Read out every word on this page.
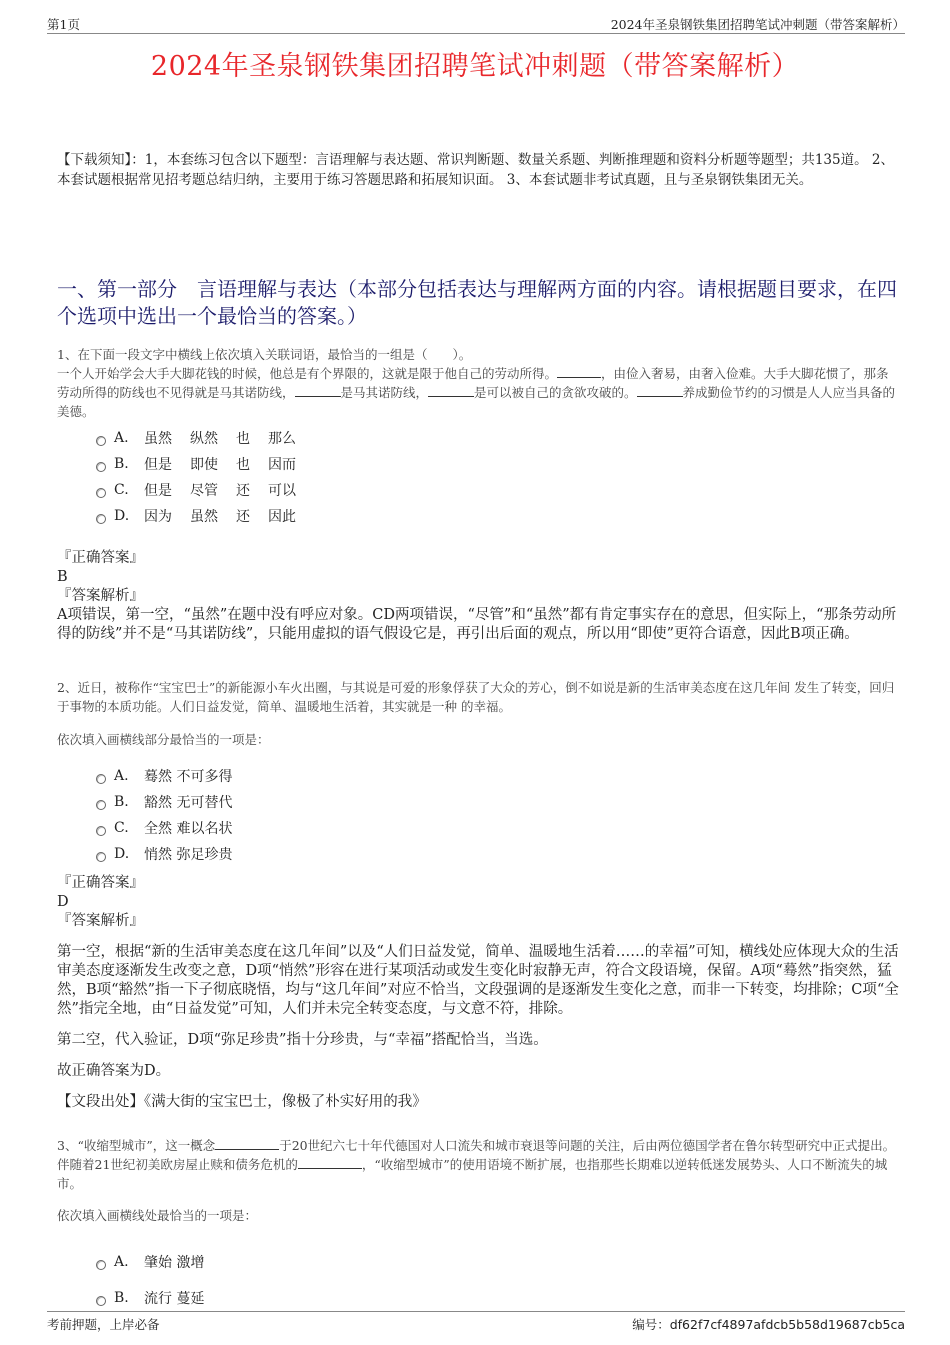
第1页	2024年圣泉钢铁集团招聘笔试冲刺题（带答案解析）
2024年圣泉钢铁集团招聘笔试冲刺题（带答案解析）
【下载须知】：1，本套练习包含以下题型：言语理解与表达题、常识判断题、数量关系题、判断推理题和资料分析题等题型；共135道。 2、本套试题根据常见招考题总结归纳，主要用于练习答题思路和拓展知识面。 3、本套试题非考试真题，且与圣泉钢铁集团无关。
一、第一部分 言语理解与表达（本部分包括表达与理解两方面的内容。请根据题目要求，在四个选项中选出一个最恰当的答案。）
1、在下面一段文字中横线上依次填入关联词语，最恰当的一组是（　　）。
一个人开始学会大手大脚花钱的时候，他总是有个界限的，这就是限于他自己的劳动所得。	，由俭入奢易，由奢入俭难。大手大脚花惯了，那条劳动所得的防线也不见得就是马其诺防线，	是马其诺防线，	是可以被自己的贪欲攻破的。	养成勤俭节约的习惯是人人应当具备的美德。
A.	虽然 纵然 也 那么
B.	但是 即使 也 因而
C.	但是 尽管 还 可以
D.	因为 虽然 还 因此

『正确答案』

B

『答案解析』

A项错误，第一空，“虽然”在题中没有呼应对象。CD两项错误，“尽管”和“虽然”都有肯定事实存在的意思，但实际上，“那条劳动所得的防线”并不是“马其诺防线”，只能用虚拟的语气假设它是，再引出后面的观点，所以用“即使”更符合语意，因此B项正确。

2、近日，被称作“宝宝巴士”的新能源小车火出圈，与其说是可爱的形象俘获了大众的芳心，倒不如说是新的生活审美态度在这几年间 发生了转变，回归于事物的本质功能。人们日益发觉，简单、温暖地生活着，其实就是一种 的幸福。
依次填入画横线部分最恰当的一项是：
A.	蓦然 不可多得
B.	豁然 无可替代
C.	全然 难以名状
D.	悄然 弥足珍贵

『正确答案』

D

『答案解析』

第一空，根据“新的生活审美态度在这几年间”以及“人们日益发觉，简单、温暖地生活着……的幸福”可知，横线处应体现大众的生活审美态度逐渐发生改变之意，D项“悄然”形容在进行某项活动或发生变化时寂静无声，符合文段语境，保留。A项“蓦然”指突然，猛然，B项“豁然”指一下子彻底晓悟，均与“这几年间”对应不恰当，文段强调的是逐渐发生变化之意，而非一下转变，均排除；C项“全然”指完全地，由“日益发觉”可知，人们并未完全转变态度，与文意不符，排除。

第二空，代入验证，D项“弥足珍贵”指十分珍贵，与“幸福”搭配恰当，当选。

故正确答案为D。

【文段出处】《满大街的宝宝巴士，像极了朴实好用的我》

3、“收缩型城市”，这一概念	于20世纪六七十年代德国对人口流失和城市衰退等问题的关注，后由两位德国学者在鲁尔转型研究中正式提出。伴随着21世纪初美欧房屋止赎和债务危机的	，“收缩型城市”的使用语境不断扩展，也指那些长期难以逆转低迷发展势头、人口不断流失的城市。
依次填入画横线处最恰当的一项是：
A.	肇始 激增
B.	流行 蔓延
考前押题，上岸必备	编号：df62f7cf4897afdcb5b58d19687cb5ca
